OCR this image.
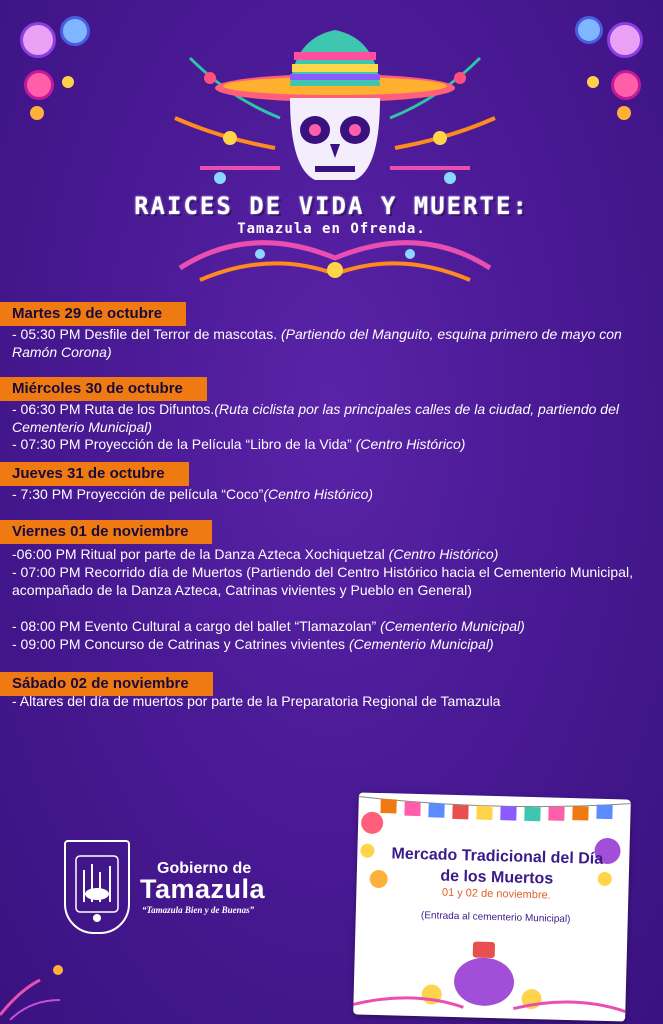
RAICES DE VIDA Y MUERTE:
Tamazula en Ofrenda.
Martes 29 de octubre
- 05:30 PM Desfile del Terror de mascotas. (Partiendo del Manguito, esquina primero de mayo con Ramón Corona)
Miércoles 30 de octubre
- 06:30 PM Ruta de los Difuntos.(Ruta ciclista por las principales calles de la ciudad, partiendo del Cementerio Municipal)
- 07:30 PM Proyección de la Película “Libro de la Vida” (Centro Histórico)
Jueves 31 de octubre
- 7:30 PM Proyección de película “Coco”(Centro Histórico)
Viernes 01 de noviembre
-06:00 PM Ritual por parte de la Danza Azteca Xochiquetzal (Centro Histórico)
- 07:00 PM Recorrido día de Muertos (Partiendo del Centro Histórico hacia el Cementerio Municipal, acompañado de la Danza Azteca, Catrinas vivientes y Pueblo en General)
- 08:00 PM Evento Cultural a cargo del ballet “Tlamazolan” (Cementerio Municipal)
- 09:00 PM Concurso de Catrinas y Catrines vivientes (Cementerio Municipal)
Sábado 02 de noviembre
- Altares del día de muertos por parte de la Preparatoria Regional de Tamazula
Gobierno de
Tamazula
“Tamazula Bien y de Buenas”
Mercado Tradicional del Día de los Muertos
01 y 02 de noviembre.
(Entrada al cementerio Municipal)
